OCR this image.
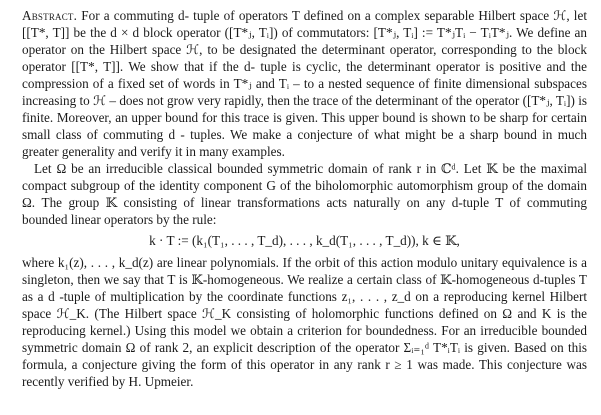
Abstract. For a commuting d- tuple of operators T defined on a complex separable Hilbert space ℋ, let [[T*, T]] be the d × d block operator ([T*ⱼ, Tᵢ]) of commutators: [T*ⱼ, Tᵢ] := T*ⱼTᵢ − TᵢT*ⱼ. We define an operator on the Hilbert space ℋ, to be designated the determinant operator, corresponding to the block operator [[T*, T]]. We show that if the d- tuple is cyclic, the determinant operator is positive and the compression of a fixed set of words in T*ⱼ and Tᵢ – to a nested sequence of finite dimensional subspaces increasing to ℋ – does not grow very rapidly, then the trace of the determinant of the operator ([T*ⱼ, Tᵢ]) is finite. Moreover, an upper bound for this trace is given. This upper bound is shown to be sharp for certain small class of commuting d - tuples. We make a conjecture of what might be a sharp bound in much greater generality and verify it in many examples.

Let Ω be an irreducible classical bounded symmetric domain of rank r in ℂᵈ. Let 𝕂 be the maximal compact subgroup of the identity component G of the biholomorphic automorphism group of the domain Ω. The group 𝕂 consisting of linear transformations acts naturally on any d-tuple T of commuting bounded linear operators by the rule:

k · T := (k₁(T₁, . . . , T_d), . . . , k_d(T₁, . . . , T_d)), k ∈ 𝕂,

where k₁(z), . . . , k_d(z) are linear polynomials. If the orbit of this action modulo unitary equivalence is a singleton, then we say that T is 𝕂-homogeneous. We realize a certain class of 𝕂-homogeneous d-tuples T as a d -tuple of multiplication by the coordinate functions z₁, . . . , z_d on a reproducing kernel Hilbert space ℋ_K. (The Hilbert space ℋ_K consisting of holomorphic functions defined on Ω and K is the reproducing kernel.) Using this model we obtain a criterion for boundedness. For an irreducible bounded symmetric domain Ω of rank 2, an explicit description of the operator Σᵢ₌₁ᵈ T*ᵢTᵢ is given. Based on this formula, a conjecture giving the form of this operator in any rank r ≥ 1 was made. This conjecture was recently verified by H. Upmeier.
